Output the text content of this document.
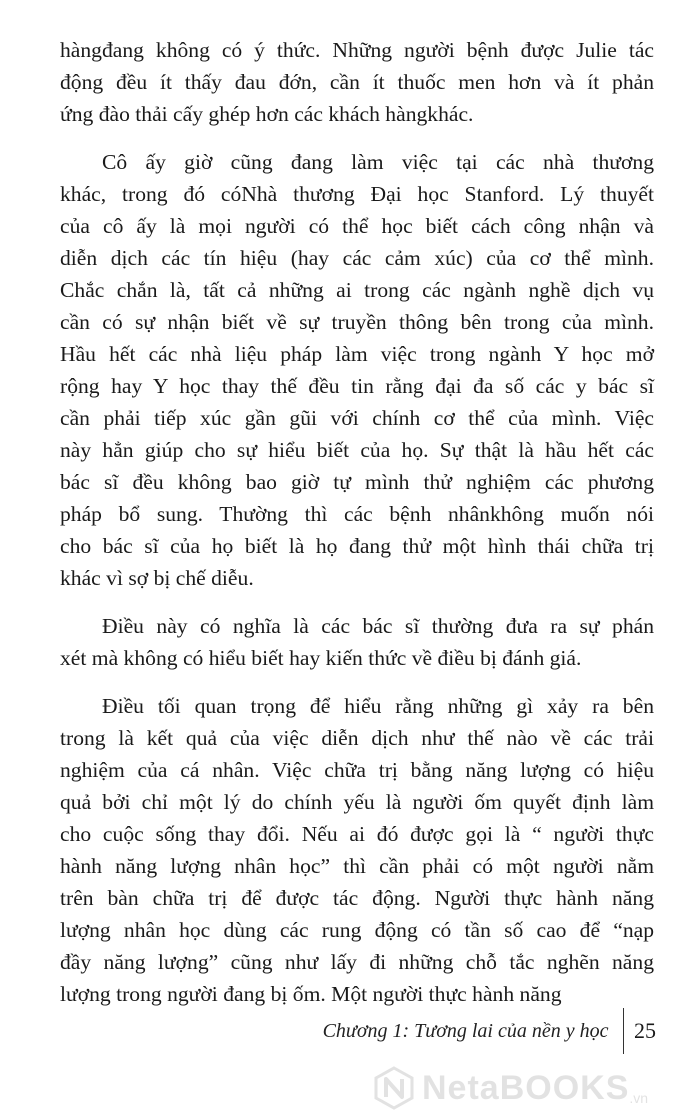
hàngđang không có ý thức. Những người bệnh được Julie tác
động đều ít thấy đau đớn, cần ít thuốc men hơn và ít phản
ứng đào thải cấy ghép hơn các khách hàngkhác.
Cô ấy giờ cũng đang làm việc tại các nhà thương
khác, trong đó cóNhà thương Đại học Stanford. Lý thuyết
của cô ấy là mọi người có thể học biết cách công nhận và
diễn dịch các tín hiệu (hay các cảm xúc) của cơ thể mình.
Chắc chắn là, tất cả những ai trong các ngành nghề dịch vụ
cần có sự nhận biết về sự truyền thông bên trong của mình.
Hầu hết các nhà liệu pháp làm việc trong ngành Y học mở
rộng hay Y học thay thế đều tin rằng đại đa số các y bác sĩ
cần phải tiếp xúc gần gũi với chính cơ thể của mình. Việc
này hẳn giúp cho sự hiểu biết của họ. Sự thật là hầu hết các
bác sĩ đều không bao giờ tự mình thử nghiệm các phương
pháp bổ sung. Thường thì các bệnh nhânkhông muốn nói
cho bác sĩ của họ biết là họ đang thử một hình thái chữa trị
khác vì sợ bị chế diễu.
Điều này có nghĩa là các bác sĩ thường đưa ra sự phán
xét mà không có hiểu biết hay kiến thức về điều bị đánh giá.
Điều tối quan trọng để hiểu rằng những gì xảy ra bên
trong là kết quả của việc diễn dịch như thế nào về các trải
nghiệm của cá nhân. Việc chữa trị bằng năng lượng có hiệu
quả bởi chỉ một lý do chính yếu là người ốm quyết định làm
cho cuộc sống thay đổi. Nếu ai đó được gọi là “ người thực
hành năng lượng nhân học” thì cần phải có một người nằm
trên bàn chữa trị để được tác động. Người thực hành năng
lượng nhân học dùng các rung động có tần số cao để “nạp
đầy năng lượng” cũng như lấy đi những chỗ tắc nghẽn năng
lượng trong người đang bị ốm. Một người thực hành năng
Chương 1: Tương lai của nền y học	25
NetaBOOKS .vn
